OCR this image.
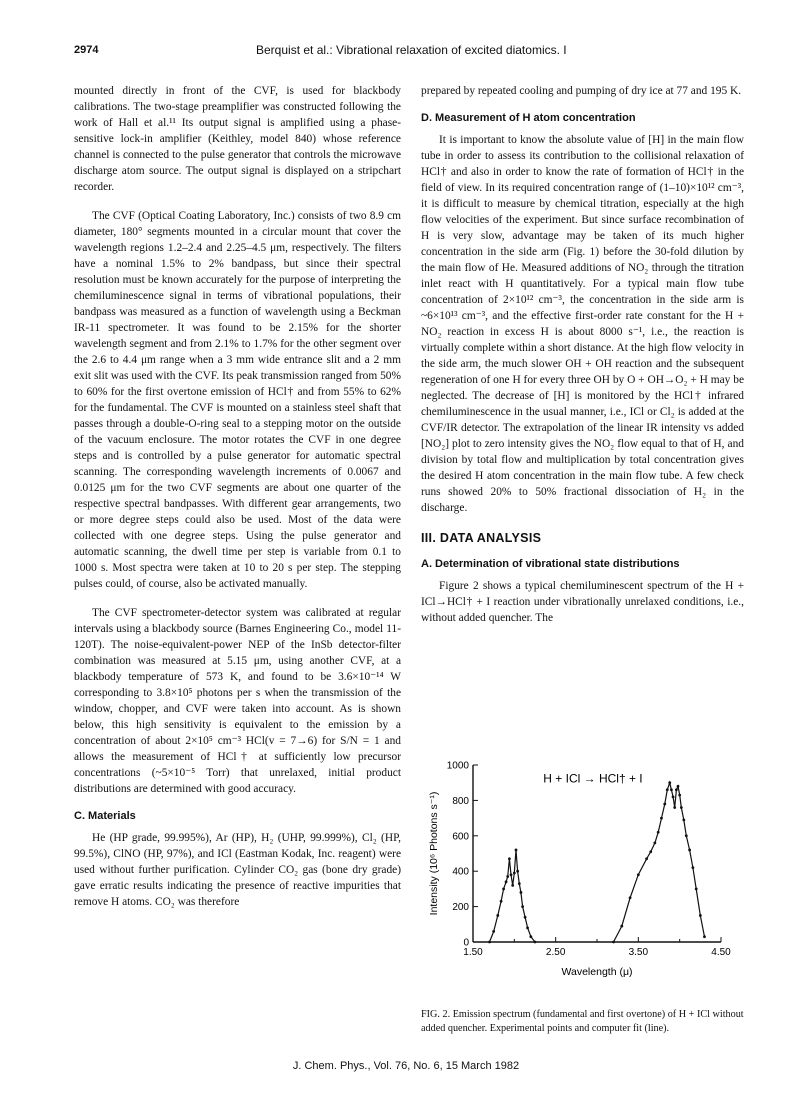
2974	Berquist et al.: Vibrational relaxation of excited diatomics. I

mounted directly in front of the CVF, is used for blackbody calibrations. The two-stage preamplifier was constructed following the work of Hall et al.¹¹ Its output signal is amplified using a phase-sensitive lock-in amplifier (Keithley, model 840) whose reference channel is connected to the pulse generator that controls the microwave discharge atom source. The output signal is displayed on a stripchart recorder.

The CVF (Optical Coating Laboratory, Inc.) consists of two 8.9 cm diameter, 180° segments mounted in a circular mount that cover the wavelength regions 1.2–2.4 and 2.25–4.5 μm, respectively. The filters have a nominal 1.5% to 2% bandpass, but since their spectral resolution must be known accurately for the purpose of interpreting the chemiluminescence signal in terms of vibrational populations, their bandpass was measured as a function of wavelength using a Beckman IR-11 spectrometer. It was found to be 2.15% for the shorter wavelength segment and from 2.1% to 1.7% for the other segment over the 2.6 to 4.4 μm range when a 3 mm wide entrance slit and a 2 mm exit slit was used with the CVF. Its peak transmission ranged from 50% to 60% for the first overtone emission of HCl† and from 55% to 62% for the fundamental. The CVF is mounted on a stainless steel shaft that passes through a double-O-ring seal to a stepping motor on the outside of the vacuum enclosure. The motor rotates the CVF in one degree steps and is controlled by a pulse generator for automatic spectral scanning. The corresponding wavelength increments of 0.0067 and 0.0125 μm for the two CVF segments are about one quarter of the respective spectral bandpasses. With different gear arrangements, two or more degree steps could also be used. Most of the data were collected with one degree steps. Using the pulse generator and automatic scanning, the dwell time per step is variable from 0.1 to 1000 s. Most spectra were taken at 10 to 20 s per step. The stepping pulses could, of course, also be activated manually.

The CVF spectrometer-detector system was calibrated at regular intervals using a blackbody source (Barnes Engineering Co., model 11-120T). The noise-equivalent-power NEP of the InSb detector-filter combination was measured at 5.15 μm, using another CVF, at a blackbody temperature of 573 K, and found to be 3.6×10⁻¹⁴ W corresponding to 3.8×10⁵ photons per s when the transmission of the window, chopper, and CVF were taken into account. As is shown below, this high sensitivity is equivalent to the emission by a concentration of about 2×10⁵ cm⁻³ HCl(v = 7→6) for S/N = 1 and allows the measurement of HCl† at sufficiently low precursor concentrations (~5×10⁻⁵ Torr) that unrelaxed, initial product distributions are determined with good accuracy.

C. Materials

He (HP grade, 99.995%), Ar (HP), H₂ (UHP, 99.999%), Cl₂ (HP, 99.5%), ClNO (HP, 97%), and ICl (Eastman Kodak, Inc. reagent) were used without further purification. Cylinder CO₂ gas (bone dry grade) gave erratic results indicating the presence of reactive impurities that remove H atoms. CO₂ was therefore

prepared by repeated cooling and pumping of dry ice at 77 and 195 K.

D. Measurement of H atom concentration

It is important to know the absolute value of [H] in the main flow tube in order to assess its contribution to the collisional relaxation of HCl† and also in order to know the rate of formation of HCl† in the field of view. In its required concentration range of (1–10)×10¹² cm⁻³, it is difficult to measure by chemical titration, especially at the high flow velocities of the experiment. But since surface recombination of H is very slow, advantage may be taken of its much higher concentration in the side arm (Fig. 1) before the 30-fold dilution by the main flow of He. Measured additions of NO₂ through the titration inlet react with H quantitatively. For a typical main flow tube concentration of 2×10¹² cm⁻³, the concentration in the side arm is ~6×10¹³ cm⁻³, and the effective first-order rate constant for the H + NO₂ reaction in excess H is about 8000 s⁻¹, i.e., the reaction is virtually complete within a short distance. At the high flow velocity in the side arm, the much slower OH + OH reaction and the subsequent regeneration of one H for every three OH by O + OH→O₂ + H may be neglected. The decrease of [H] is monitored by the HCl† infrared chemiluminescence in the usual manner, i.e., ICl or Cl₂ is added at the CVF/IR detector. The extrapolation of the linear IR intensity vs added [NO₂] plot to zero intensity gives the NO₂ flow equal to that of H, and division by total flow and multiplication by total concentration gives the desired H atom concentration in the main flow tube. A few check runs showed 20% to 50% fractional dissociation of H₂ in the discharge.

III. DATA ANALYSIS
A. Determination of vibrational state distributions

Figure 2 shows a typical chemiluminescent spectrum of the H + ICl→HCl† + I reaction under vibrationally unrelaxed conditions, i.e., without added quencher. The

0
200
400
600
800
1000
1.50	2.50	3.50	4.50
Wavelength (μ)
Intensity (10⁶ Photons s⁻¹)
H + ICl → HCl† + I
FIG. 2. Emission spectrum (fundamental and first overtone) of H + ICl without added quencher. Experimental points and computer fit (line).
J. Chem. Phys., Vol. 76, No. 6, 15 March 1982
